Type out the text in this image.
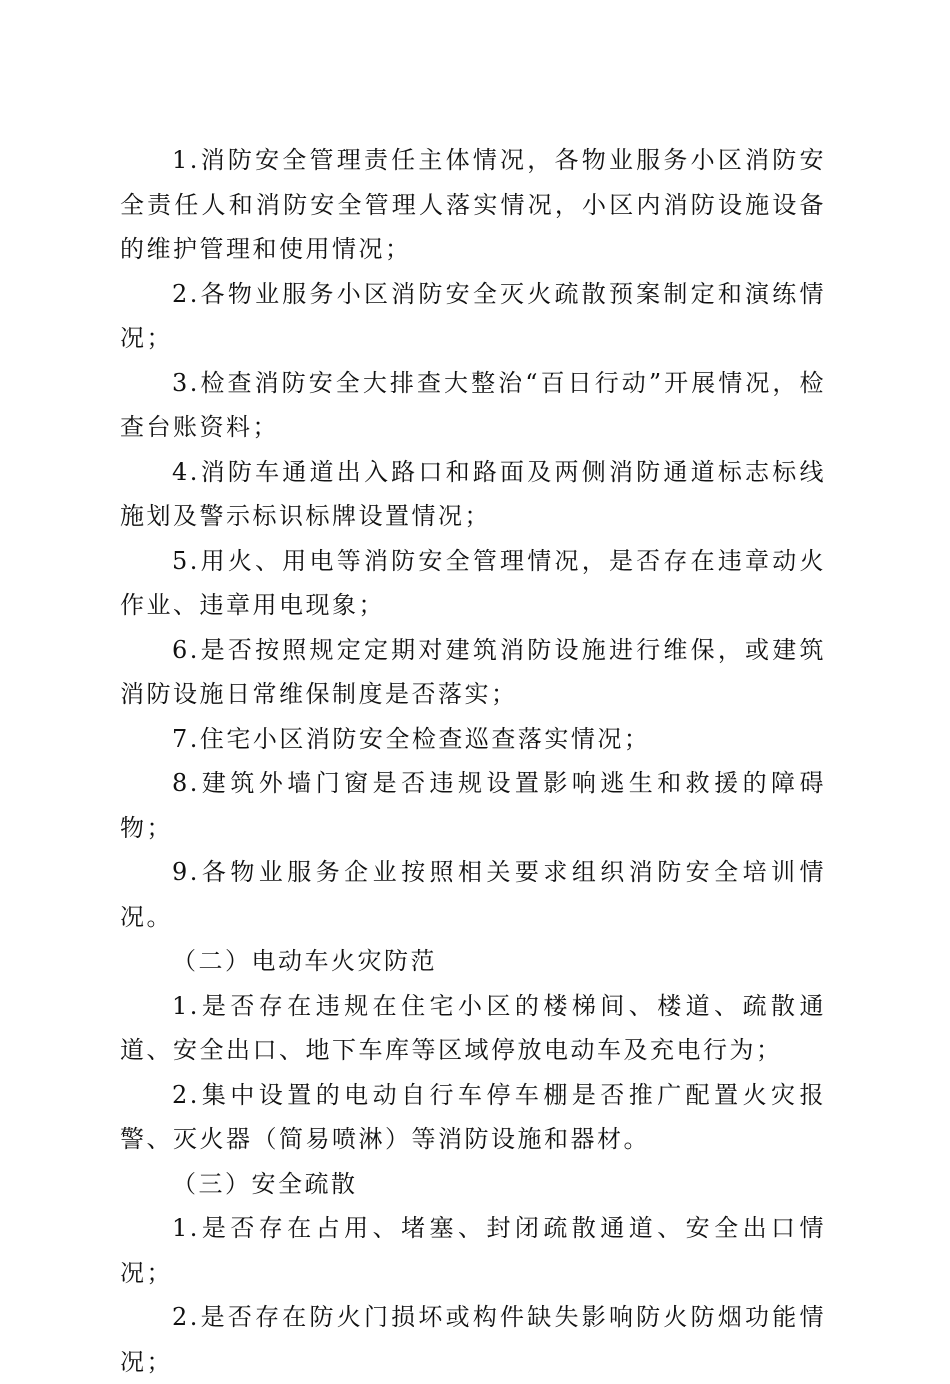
1.消防安全管理责任主体情况，各物业服务小区消防安全责任人和消防安全管理人落实情况，小区内消防设施设备的维护管理和使用情况；

2.各物业服务小区消防安全灭火疏散预案制定和演练情况；

3.检查消防安全大排查大整治“百日行动”开展情况，检查台账资料；

4.消防车通道出入路口和路面及两侧消防通道标志标线施划及警示标识标牌设置情况；

5.用火、用电等消防安全管理情况，是否存在违章动火作业、违章用电现象；

6.是否按照规定定期对建筑消防设施进行维保，或建筑消防设施日常维保制度是否落实；

7.住宅小区消防安全检查巡查落实情况；

8.建筑外墙门窗是否违规设置影响逃生和救援的障碍物；

9.各物业服务企业按照相关要求组织消防安全培训情况。

（二）电动车火灾防范

1.是否存在违规在住宅小区的楼梯间、楼道、疏散通道、安全出口、地下车库等区域停放电动车及充电行为；

2.集中设置的电动自行车停车棚是否推广配置火灾报警、灭火器（简易喷淋）等消防设施和器材。

（三）安全疏散

1.是否存在占用、堵塞、封闭疏散通道、安全出口情况；

2.是否存在防火门损坏或构件缺失影响防火防烟功能情况；
